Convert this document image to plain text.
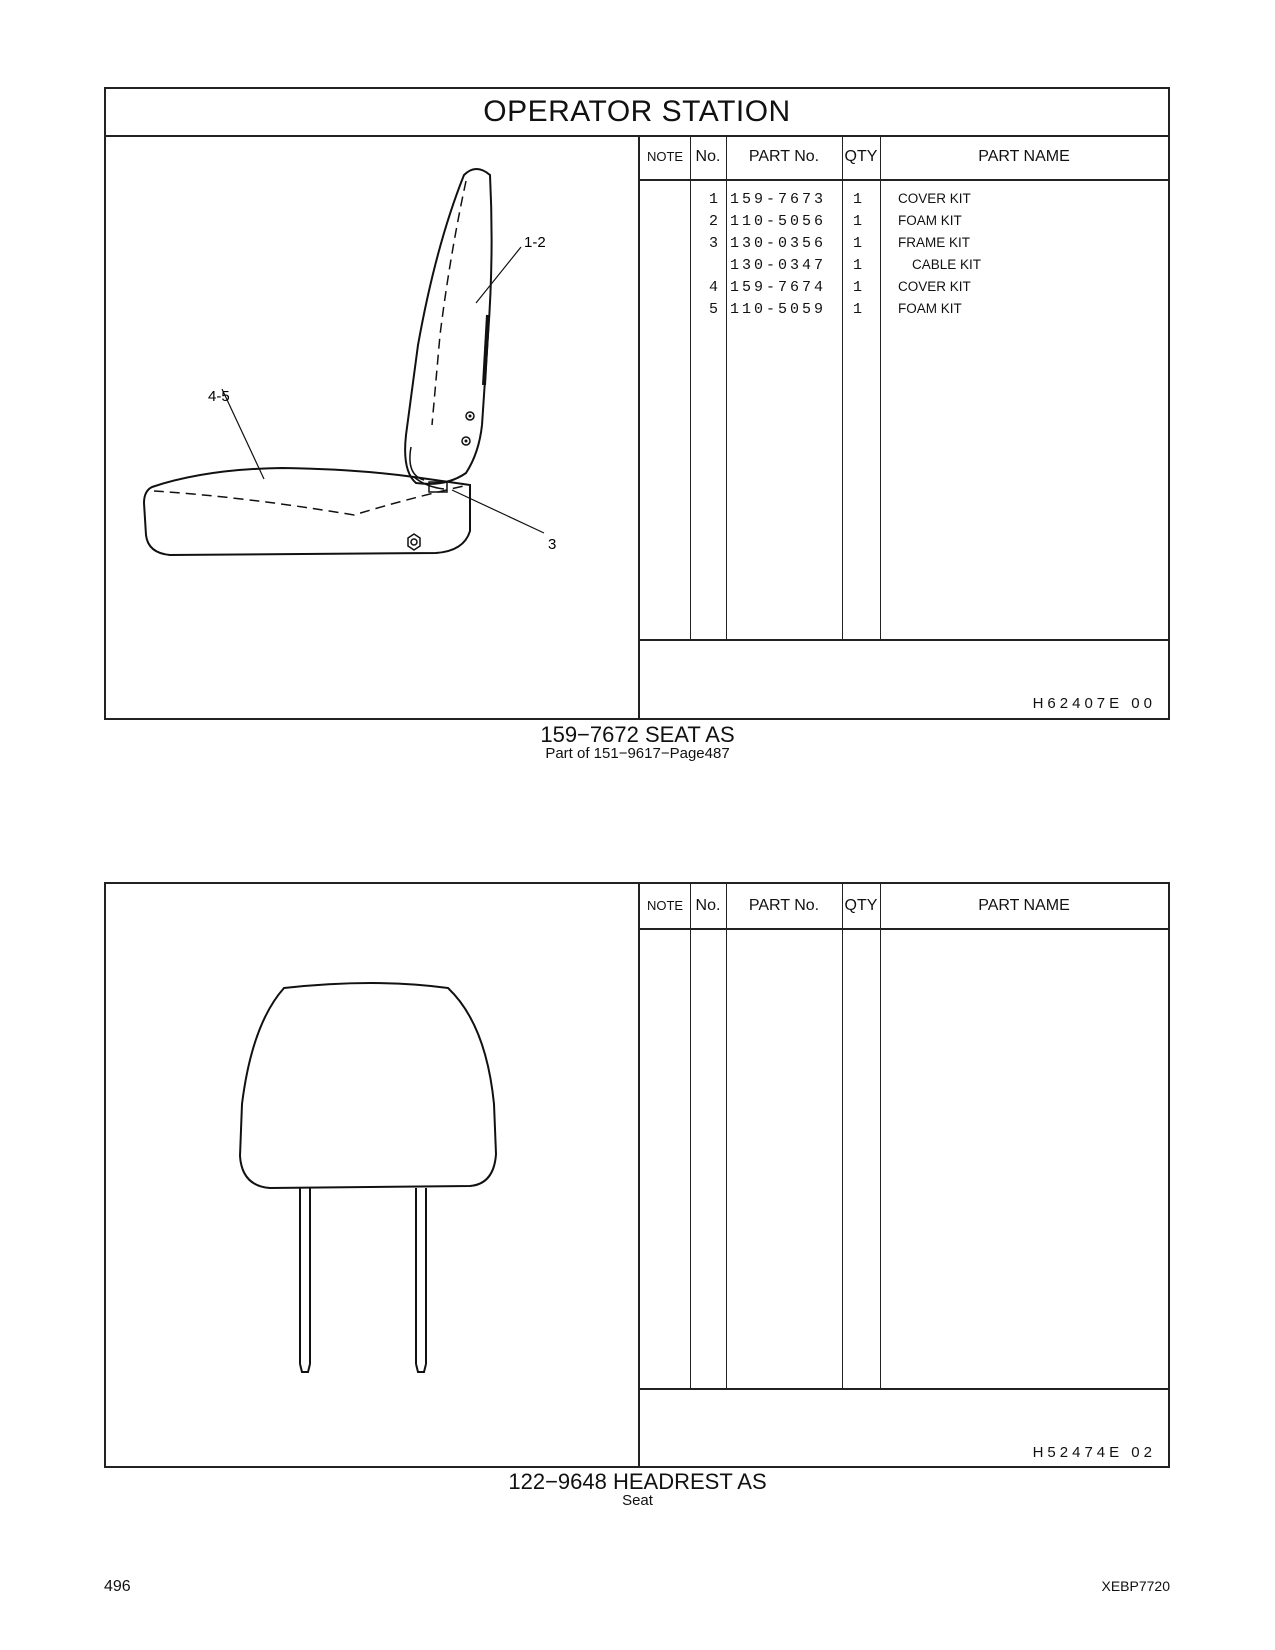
OPERATOR STATION
1-2
4-5
3
NOTE No.	PART No.	QTY	PART NAME
1 159-7673	1	COVER KIT
2 110-5056	1	FOAM KIT
3 130-0356	1	FRAME KIT
130-0347	1	CABLE KIT
4 159-7674	1	COVER KIT
5 110-5059	1	FOAM KIT
H62407E 00
159−7672 SEAT AS
Part of 151−9617−Page487
NOTE No.	PART No.	QTY	PART NAME
H52474E 02
122−9648 HEADREST AS
Seat
496	XEBP7720
